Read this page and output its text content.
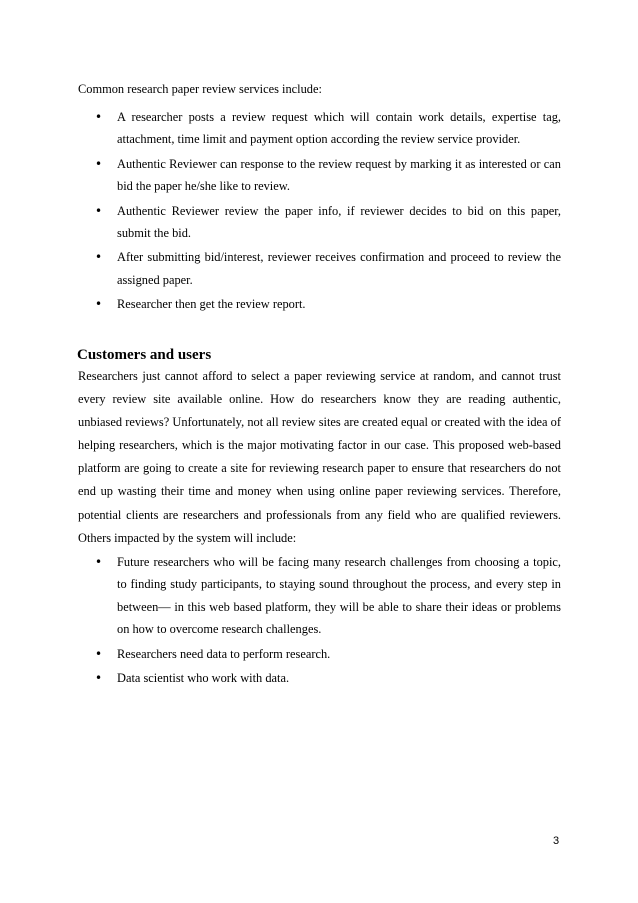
Common research paper review services include:

• A researcher posts a review request which will contain work details, expertise tag, attachment, time limit and payment option according the review service provider.
• Authentic Reviewer can response to the review request by marking it as interested or can bid the paper he/she like to review.
• Authentic Reviewer review the paper info, if reviewer decides to bid on this paper, submit the bid.
• After submitting bid/interest, reviewer receives confirmation and proceed to review the assigned paper.
• Researcher then get the review report.
Customers and users

Researchers just cannot afford to select a paper reviewing service at random, and cannot trust every review site available online. How do researchers know they are reading authentic, unbiased reviews? Unfortunately, not all review sites are created equal or created with the idea of helping researchers, which is the major motivating factor in our case. This proposed web-based platform are going to create a site for reviewing research paper to ensure that researchers do not end up wasting their time and money when using online paper reviewing services. Therefore, potential clients are researchers and professionals from any field who are qualified reviewers. Others impacted by the system will include:

• Future researchers who will be facing many research challenges from choosing a topic, to finding study participants, to staying sound throughout the process, and every step in between— in this web based platform, they will be able to share their ideas or problems on how to overcome research challenges.
• Researchers need data to perform research.
• Data scientist who work with data.
3
